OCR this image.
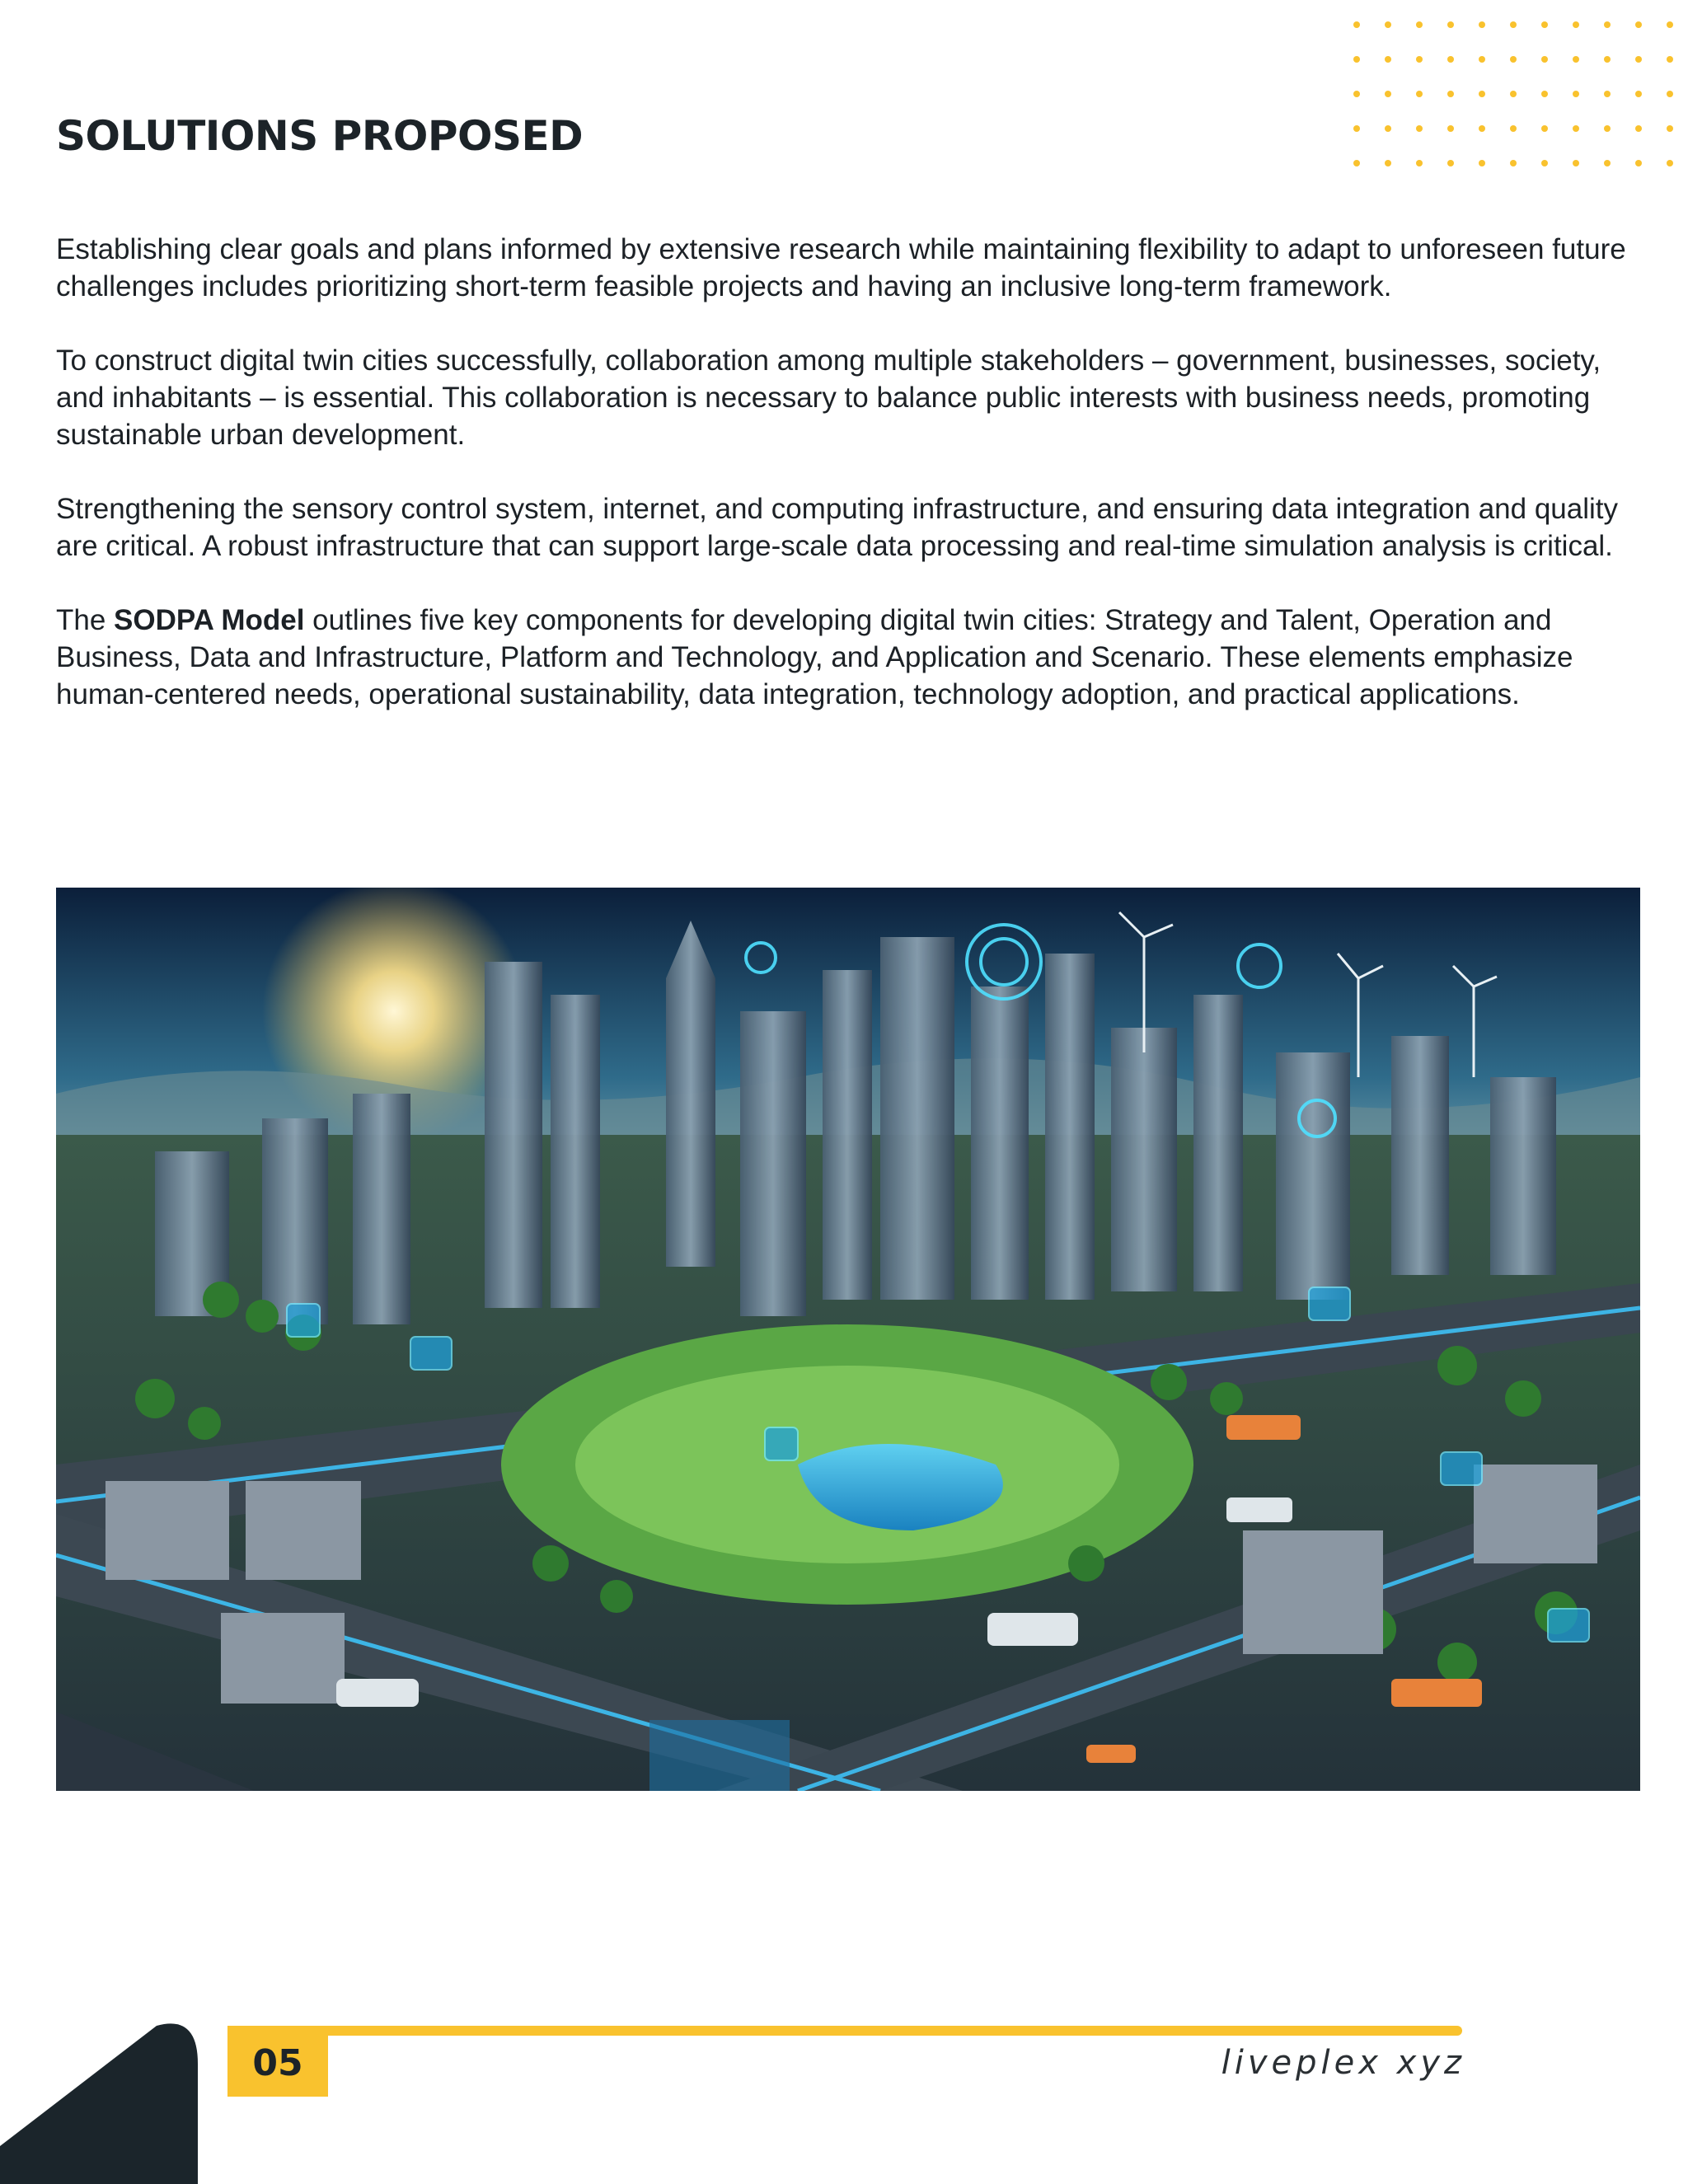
SOLUTIONS PROPOSED

Establishing clear goals and plans informed by extensive research while maintaining flexibility to adapt to unforeseen future challenges includes prioritizing short-term feasible projects and having an inclusive long-term framework.

To construct digital twin cities successfully, collaboration among multiple stakeholders – government, businesses, society, and inhabitants – is essential. This collaboration is necessary to balance public interests with business needs, promoting sustainable urban development.

Strengthening the sensory control system, internet, and computing infrastructure, and ensuring data integration and quality are critical. A robust infrastructure that can support large-scale data processing and real-time simulation analysis is critical.

The SODPA Model outlines five key components for developing digital twin cities: Strategy and Talent, Operation and Business, Data and Infrastructure, Platform and Technology, and Application and Scenario. These elements emphasize human-centered needs, operational sustainability, data integration, technology adoption, and practical applications.

05	liveplex xyz
